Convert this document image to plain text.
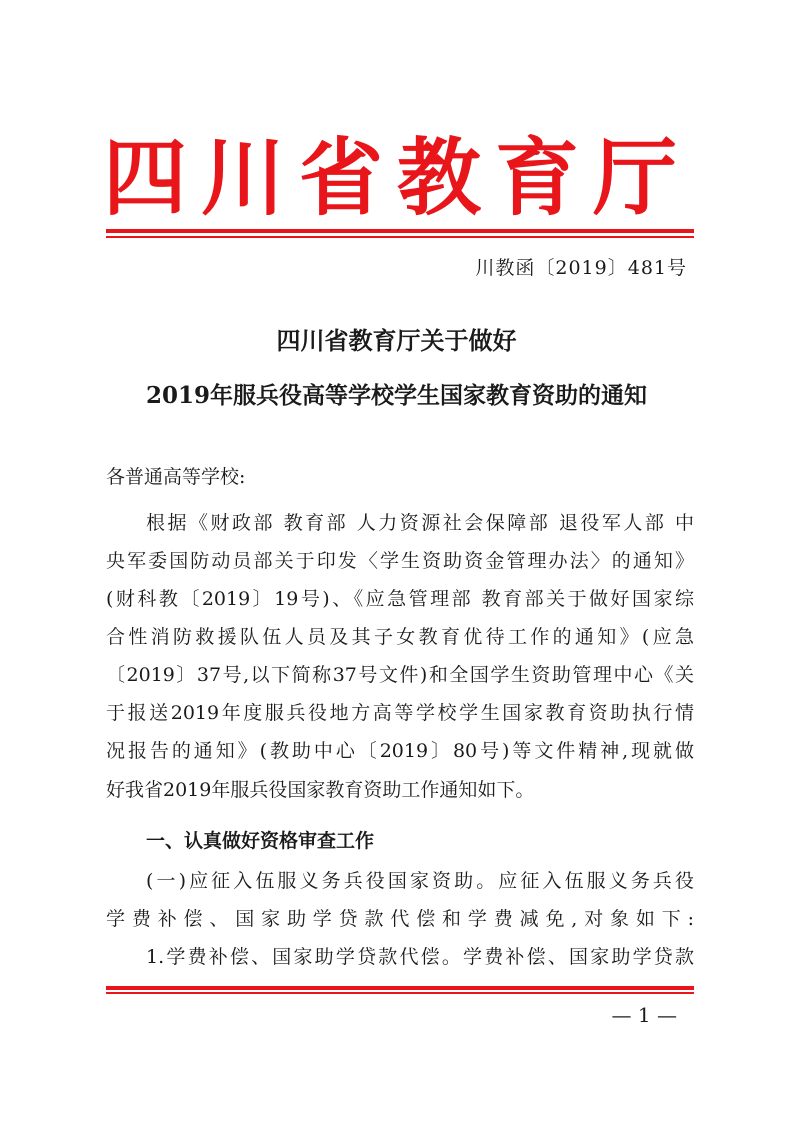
四川省教育厅
川教函〔2019〕481号
四川省教育厅关于做好
2019年服兵役高等学校学生国家教育资助的通知
各普通高等学校:
根据《财政部 教育部 人力资源社会保障部 退役军人部 中
央军委国防动员部关于印发〈学生资助资金管理办法〉的通知》
(财科教〔2019〕19号)、《应急管理部 教育部关于做好国家综
合性消防救援队伍人员及其子女教育优待工作的通知》(应急
〔2019〕37号,以下简称37号文件)和全国学生资助管理中心《关
于报送2019年度服兵役地方高等学校学生国家教育资助执行情
况报告的通知》(教助中心〔2019〕80号)等文件精神,现就做
好我省2019年服兵役国家教育资助工作通知如下。
一、认真做好资格审查工作
(一)应征入伍服义务兵役国家资助。应征入伍服义务兵役
学费补偿、国家助学贷款代偿和学费减免,对象如下:
1.学费补偿、国家助学贷款代偿。学费补偿、国家助学贷款
— 1 —
